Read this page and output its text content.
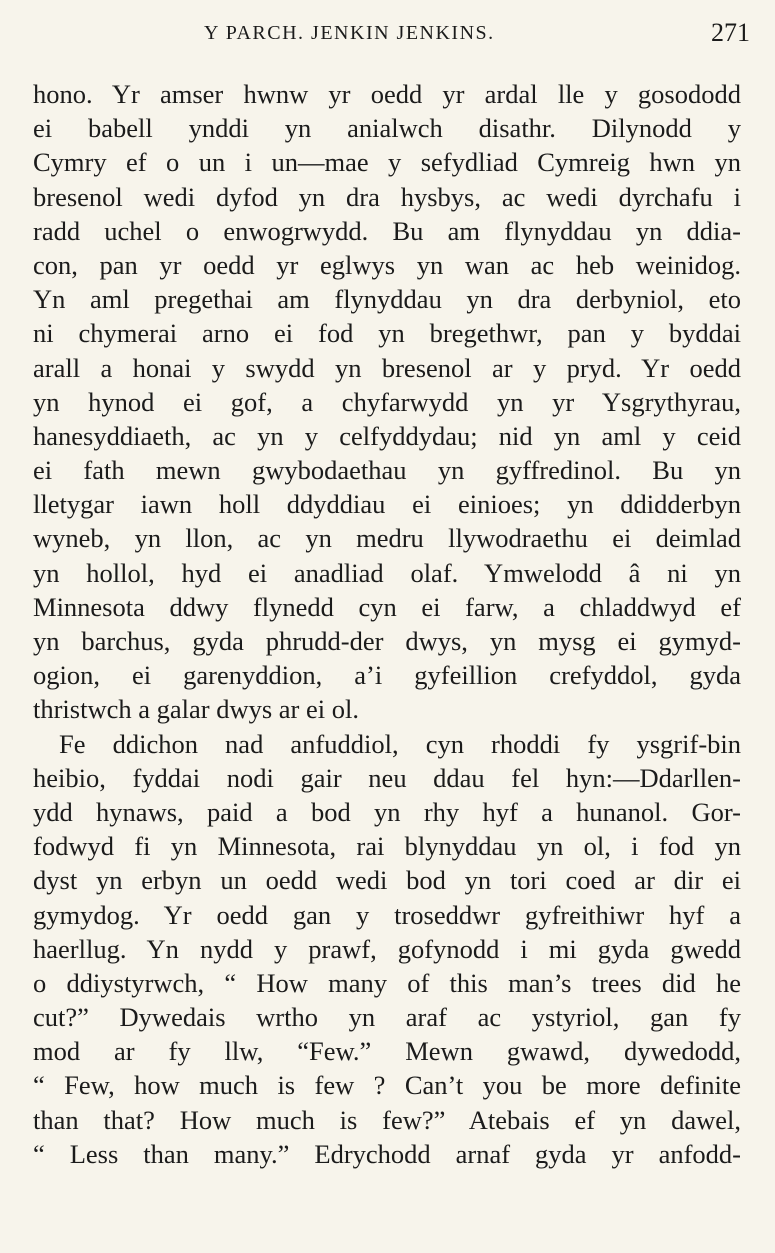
Y PARCH. JENKIN JENKINS.	271
hono. Yr amser hwnw yr oedd yr ardal lle y gosododd
ei babell ynddi yn anialwch disathr. Dilynodd y
Cymry ef o un i un—mae y sefydliad Cymreig hwn yn
bresenol wedi dyfod yn dra hysbys, ac wedi dyrchafu i
radd uchel o enwogrwydd. Bu am flynyddau yn ddia-
con, pan yr oedd yr eglwys yn wan ac heb weinidog.
Yn aml pregethai am flynyddau yn dra derbyniol, eto
ni chymerai arno ei fod yn bregethwr, pan y byddai
arall a honai y swydd yn bresenol ar y pryd. Yr oedd
yn hynod ei gof, a chyfarwydd yn yr Ysgrythyrau,
hanesyddiaeth, ac yn y celfyddydau; nid yn aml y ceid
ei fath mewn gwybodaethau yn gyffredinol. Bu yn
lletygar iawn holl ddyddiau ei einioes; yn ddidderbyn
wyneb, yn llon, ac yn medru llywodraethu ei deimlad
yn hollol, hyd ei anadliad olaf. Ymwelodd â ni yn
Minnesota ddwy flynedd cyn ei farw, a chladdwyd ef
yn barchus, gyda phrudd-der dwys, yn mysg ei gymyd-
ogion, ei garenyddion, a’i gyfeillion crefyddol, gyda
thristwch a galar dwys ar ei ol.
Fe ddichon nad anfuddiol, cyn rhoddi fy ysgrif-bin
heibio, fyddai nodi gair neu ddau fel hyn:—Ddarllen-
ydd hynaws, paid a bod yn rhy hyf a hunanol. Gor-
fodwyd fi yn Minnesota, rai blynyddau yn ol, i fod yn
dyst yn erbyn un oedd wedi bod yn tori coed ar dir ei
gymydog. Yr oedd gan y troseddwr gyfreithiwr hyf a
haerllug. Yn nydd y prawf, gofynodd i mi gyda gwedd
o ddiystyrwch, “ How many of this man’s trees did he
cut?” Dywedais wrtho yn araf ac ystyriol, gan fy
mod ar fy llw, “Few.” Mewn gwawd, dywedodd,
“ Few, how much is few ? Can’t you be more definite
than that? How much is few?” Atebais ef yn dawel,
“ Less than many.” Edrychodd arnaf gyda yr anfodd-
